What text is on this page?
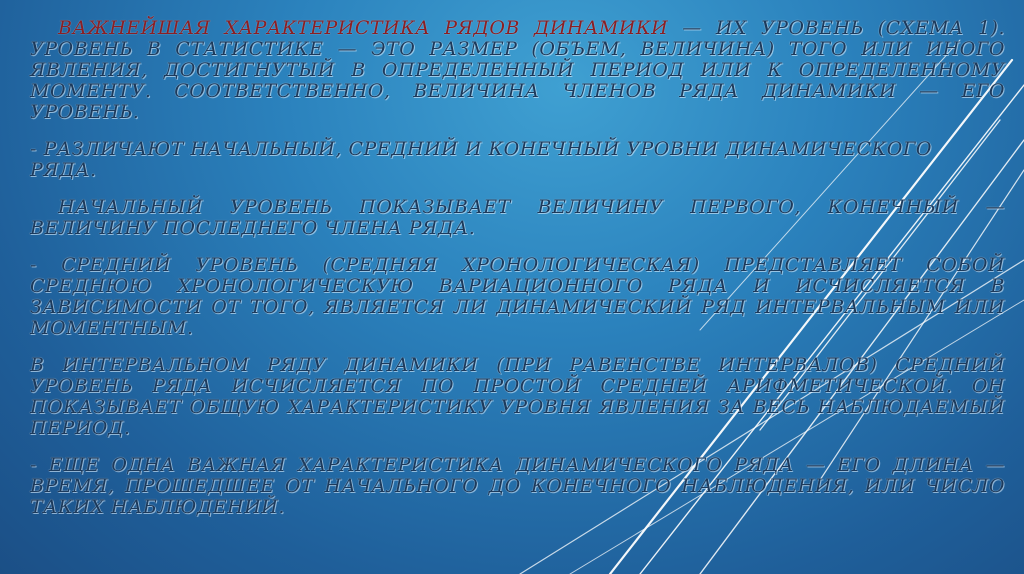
ВАЖНЕЙШАЯ ХАРАКТЕРИСТИКА РЯДОВ ДИНАМИКИ — ИХ УРОВЕНЬ (СХЕМА 1). УРОВЕНЬ В СТАТИСТИКЕ — ЭТО РАЗМЕР (ОБЪЕМ, ВЕЛИЧИНА) ТОГО ИЛИ ИНОГО ЯВЛЕНИЯ, ДОСТИГНУТЫЙ В ОПРЕДЕЛЕННЫЙ ПЕРИОД ИЛИ К ОПРЕДЕЛЕННОМУ МОМЕНТУ. СООТВЕТСТВЕННО, ВЕЛИЧИНА ЧЛЕНОВ РЯДА ДИНАМИКИ — ЕГО УРОВЕНЬ.

- РАЗЛИЧАЮТ НАЧАЛЬНЫЙ, СРЕДНИЙ И КОНЕЧНЫЙ УРОВНИ ДИНАМИЧЕСКОГО РЯДА.

НАЧАЛЬНЫЙ УРОВЕНЬ ПОКАЗЫВАЕТ ВЕЛИЧИНУ ПЕРВОГО, КОНЕЧНЫЙ — ВЕЛИЧИНУ ПОСЛЕДНЕГО ЧЛЕНА РЯДА.

- СРЕДНИЙ УРОВЕНЬ (СРЕДНЯЯ ХРОНОЛОГИЧЕСКАЯ) ПРЕДСТАВЛЯЕТ СОБОЙ СРЕДНЮЮ ХРОНОЛОГИЧЕСКУЮ ВАРИАЦИОННОГО РЯДА И ИСЧИСЛЯЕТСЯ В ЗАВИСИМОСТИ ОТ ТОГО, ЯВЛЯЕТСЯ ЛИ ДИНАМИЧЕСКИЙ РЯД ИНТЕРВАЛЬНЫМ ИЛИ МОМЕНТНЫМ.

В ИНТЕРВАЛЬНОМ РЯДУ ДИНАМИКИ (ПРИ РАВЕНСТВЕ ИНТЕРВАЛОВ) СРЕДНИЙ УРОВЕНЬ РЯДА ИСЧИСЛЯЕТСЯ ПО ПРОСТОЙ СРЕДНЕЙ АРИФМЕТИЧЕСКОЙ. ОН ПОКАЗЫВАЕТ ОБЩУЮ ХАРАКТЕРИСТИКУ УРОВНЯ ЯВЛЕНИЯ ЗА ВЕСЬ НАБЛЮДАЕМЫЙ ПЕРИОД.

- ЕЩЕ ОДНА ВАЖНАЯ ХАРАКТЕРИСТИКА ДИНАМИЧЕСКОГО РЯДА — ЕГО ДЛИНА — ВРЕМЯ, ПРОШЕДШЕЕ ОТ НАЧАЛЬНОГО ДО КОНЕЧНОГО НАБЛЮДЕНИЯ, ИЛИ ЧИСЛО ТАКИХ НАБЛЮДЕНИЙ.
